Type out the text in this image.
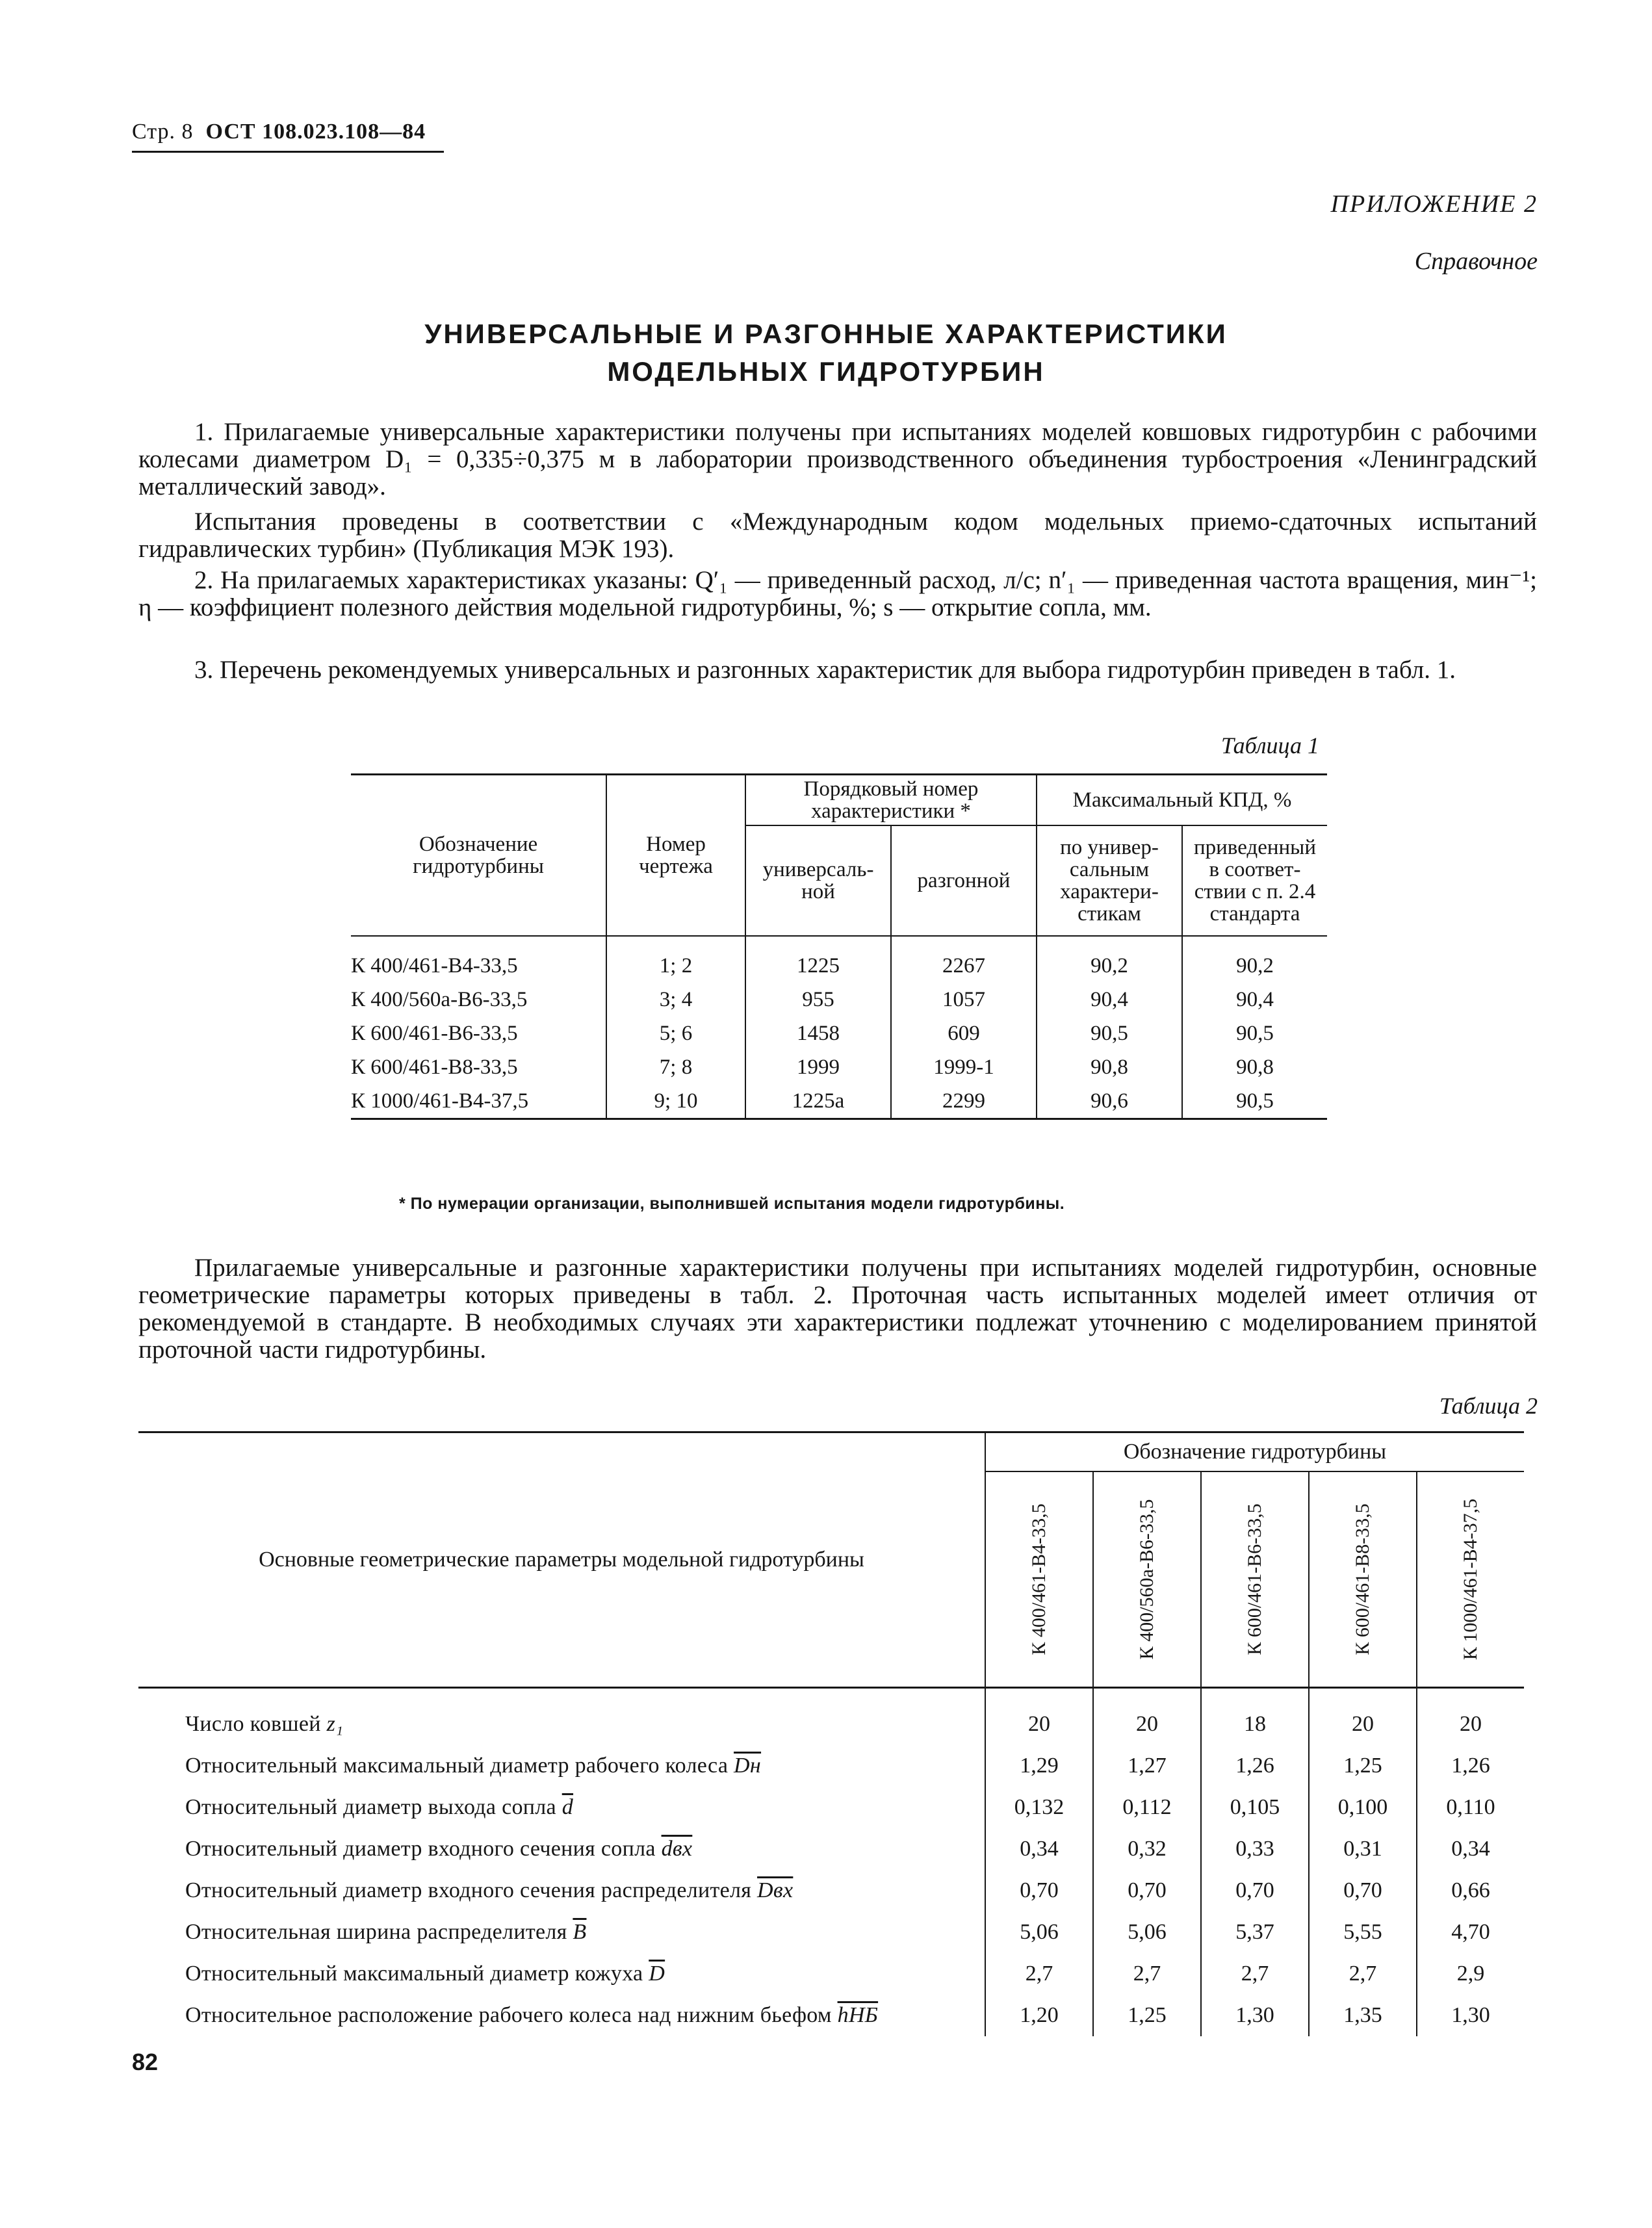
Стр. 8 ОСТ 108.023.108—84
ПРИЛОЖЕНИЕ 2
Справочное
УНИВЕРСАЛЬНЫЕ И РАЗГОННЫЕ ХАРАКТЕРИСТИКИ
МОДЕЛЬНЫХ ГИДРОТУРБИН
1. Прилагаемые универсальные характеристики получены при испытаниях моделей ковшовых гидротурбин с рабочими колесами диаметром D₁ = 0,335÷0,375 м в лаборатории производственного объединения турбостроения «Ленинградский металлический завод».
Испытания проведены в соответствии с «Международным кодом модельных приемо-сдаточных испытаний гидравлических турбин» (Публикация МЭК 193).
2. На прилагаемых характеристиках указаны: Q′₁ — приведенный расход, л/с; n′₁ — приведенная частота вращения, мин⁻¹; η — коэффициент полезного действия модельной гидротурбины, %; s — открытие сопла, мм.
3. Перечень рекомендуемых универсальных и разгонных характеристик для выбора гидротурбин приведен в табл. 1.
Таблица 1
Обозначение гидротурбины	Номер чертежа	Порядковый номер характеристики *		Максимальный КПД, %	
		универсальной	разгонной	по универсальным характеристикам	приведенный в соответствии с п. 2.4 стандарта
К 400/461-В4-33,5	1; 2	1225	2267	90,2	90,2
К 400/560а-В6-33,5	3; 4	955	1057	90,4	90,4
К 600/461-В6-33,5	5; 6	1458	609	90,5	90,5
К 600/461-В8-33,5	7; 8	1999	1999-1	90,8	90,8
К 1000/461-В4-37,5	9; 10	1225а	2299	90,6	90,5
* По нумерации организации, выполнившей испытания модели гидротурбины.
Прилагаемые универсальные и разгонные характеристики получены при испытаниях моделей гидротурбин, основные геометрические параметры которых приведены в табл. 2. Проточная часть испытанных моделей имеет отличия от рекомендуемой в стандарте. В необходимых случаях эти характеристики подлежат уточнению с моделированием принятой проточной части гидротурбины.
Таблица 2
Основные геометрические параметры модельной гидротурбины	Обозначение гидротурбины				

	К 400/461-В4-33,5	К 400/560а-В6-33,5	К 600/461-В6-33,5	К 600/461-В8-33,5	К 1000/461-В4-37,5

Число ковшей z₁	20	20	18	20	20
Относительный максимальный диаметр рабочего колеса Dн	1,29	1,27	1,26	1,25	1,26
Относительный диаметр выхода сопла $\overline{d}$	0,132	0,112	0,105	0,100	0,110
Относительный диаметр входного сечения сопла dвх	0,34	0,32	0,33	0,31	0,34
Относительный диаметр входного сечения распределителя Dвх	0,70	0,70	0,70	0,70	0,66
Относительная ширина распределителя $\overline{B}$	5,06	5,06	5,37	5,55	4,70
Относительный максимальный диаметр кожуха $\overline{D}$	2,7	2,7	2,7	2,7	2,9
Относительное расположение рабочего колеса над нижним бьефом hНБ	1,20	1,25	1,30	1,35	1,30
82
